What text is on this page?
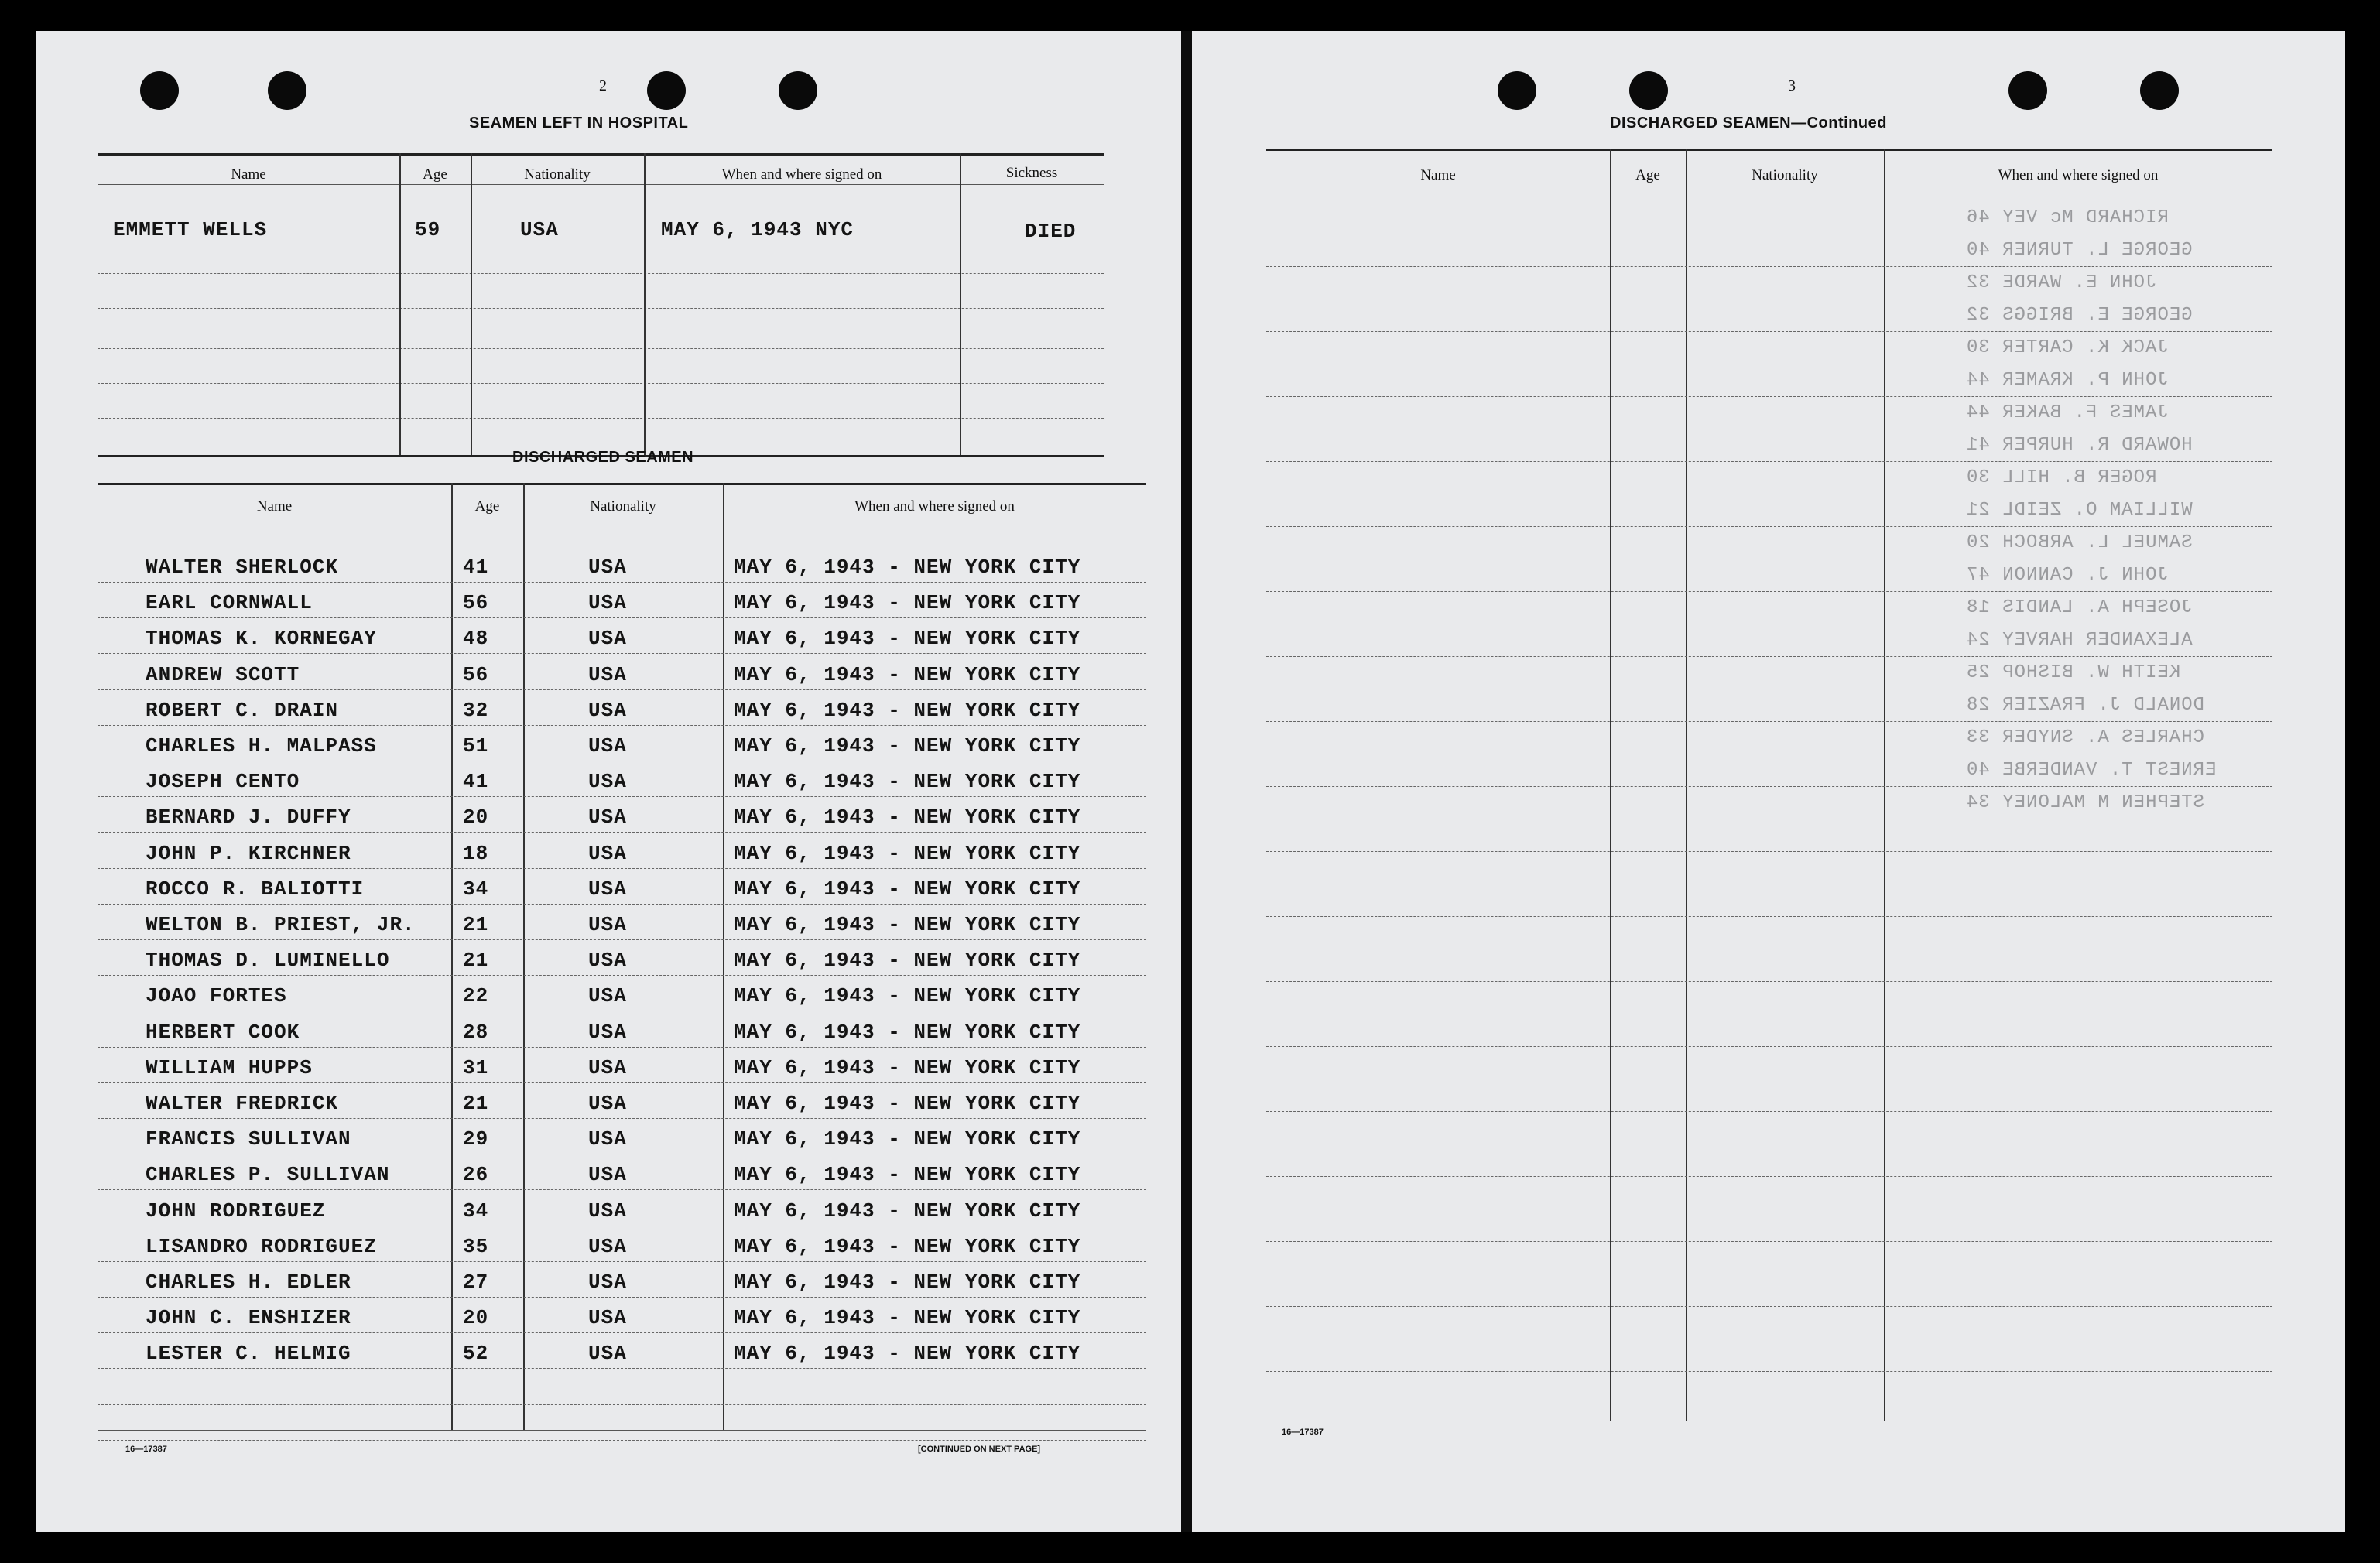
2
SEAMEN LEFT IN HOSPITAL
Name	Age	Nationality	When and where signed on	Sickness
EMMETT WELLS	59	USA	MAY 6, 1943 NYC	DIED
DISCHARGED SEAMEN
Name	Age	Nationality	When and where signed on
WALTER SHERLOCK	41	USA	MAY 6, 1943 - NEW YORK CITY
EARL CORNWALL	56	USA	MAY 6, 1943 - NEW YORK CITY
THOMAS K. KORNEGAY	48	USA	MAY 6, 1943 - NEW YORK CITY
ANDREW SCOTT	56	USA	MAY 6, 1943 - NEW YORK CITY
ROBERT C. DRAIN	32	USA	MAY 6, 1943 - NEW YORK CITY
CHARLES H. MALPASS	51	USA	MAY 6, 1943 - NEW YORK CITY
JOSEPH CENTO	41	USA	MAY 6, 1943 - NEW YORK CITY
BERNARD J. DUFFY	20	USA	MAY 6, 1943 - NEW YORK CITY
JOHN P. KIRCHNER	18	USA	MAY 6, 1943 - NEW YORK CITY
ROCCO R. BALIOTTI	34	USA	MAY 6, 1943 - NEW YORK CITY
WELTON B. PRIEST, JR. 21	USA	MAY 6, 1943 - NEW YORK CITY
THOMAS D. LUMINELLO	21	USA	MAY 6, 1943 - NEW YORK CITY
JOAO FORTES	22	USA	MAY 6, 1943 - NEW YORK CITY
HERBERT COOK	28	USA	MAY 6, 1943 - NEW YORK CITY
WILLIAM HUPPS	31	USA	MAY 6, 1943 - NEW YORK CITY
WALTER FREDRICK	21	USA	MAY 6, 1943 - NEW YORK CITY
FRANCIS SULLIVAN	29	USA	MAY 6, 1943 - NEW YORK CITY
CHARLES P. SULLIVAN	26	USA	MAY 6, 1943 - NEW YORK CITY
JOHN RODRIGUEZ	34	USA	MAY 6, 1943 - NEW YORK CITY
LISANDRO RODRIGUEZ	35	USA	MAY 6, 1943 - NEW YORK CITY
CHARLES H. EDLER	27	USA	MAY 6, 1943 - NEW YORK CITY
JOHN C. ENSHIZER	20	USA	MAY 6, 1943 - NEW YORK CITY
LESTER C. HELMIG	52	USA	MAY 6, 1943 - NEW YORK CITY
16—17387	[CONTINUED ON NEXT PAGE]
3
DISCHARGED SEAMEN—Continued
Name	Age	Nationality	When and where signed on
RICHARD Mc VEY 46
GEORGE L. TURNER 40
JOHN E. WARDE 32
GEORGE E. BRIGGS 32
JACK K. CARTER 30
JOHN P. KRAMER 44
JAMES F. BAKER 44
HOWARD R. HURPER 41
ROGER B. HILL 30
WILLIAM O. ZEIDL 21
SAMUEL L. ARBOCH 20
JOHN J. CANNON 47
JOSEPH A. LANDIS 18
ALEXANDER HARVEY 24
KEITH W. BISHOP 25
DONALD J. FRAZIER 28
CHARLES A. SNYDER 33
ERNEST T. VANDERBE 40
STEPHEN M MALONEY 34
16—17387
